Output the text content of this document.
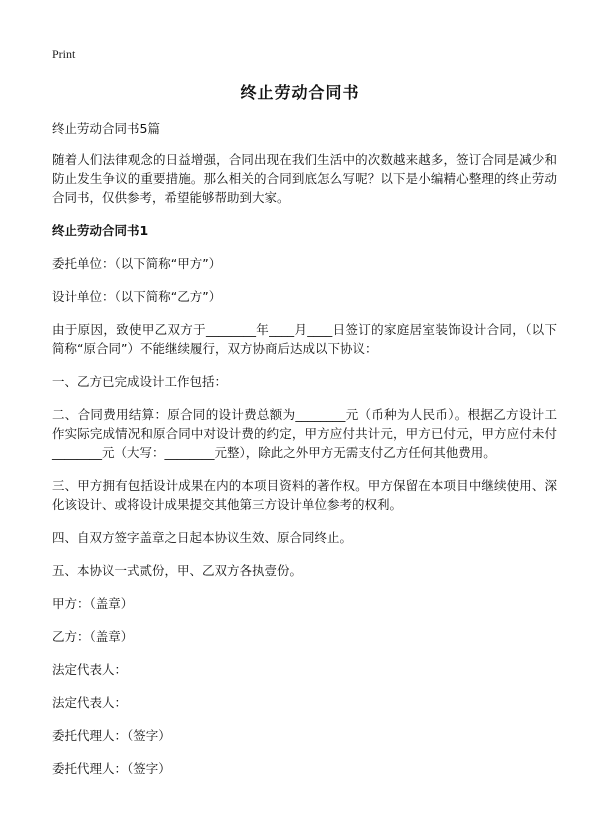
Print
终止劳动合同书

终止劳动合同书5篇

随着人们法律观念的日益增强，合同出现在我们生活中的次数越来越多，签订合同是减少和防止发生争议的重要措施。那么相关的合同到底怎么写呢？以下是小编精心整理的终止劳动合同书，仅供参考，希望能够帮助到大家。

终止劳动合同书1

委托单位：（以下简称“甲方”）

设计单位：（以下简称“乙方”）

由于原因，致使甲乙双方于________年____月____日签订的家庭居室装饰设计合同，（以下简称“原合同”）不能继续履行，双方协商后达成以下协议：

一、乙方已完成设计工作包括：

二、合同费用结算：原合同的设计费总额为________元（币种为人民币）。根据乙方设计工作实际完成情况和原合同中对设计费的约定，甲方应付共计元，甲方已付元，甲方应付未付________元（大写：________元整），除此之外甲方无需支付乙方任何其他费用。

三、甲方拥有包括设计成果在内的本项目资料的著作权。甲方保留在本项目中继续使用、深化该设计、或将设计成果提交其他第三方设计单位参考的权利。

四、自双方签字盖章之日起本协议生效、原合同终止。

五、本协议一式贰份，甲、乙双方各执壹份。

甲方：（盖章）

乙方：（盖章）

法定代表人：

法定代表人：

委托代理人：（签字）

委托代理人：（签字）
